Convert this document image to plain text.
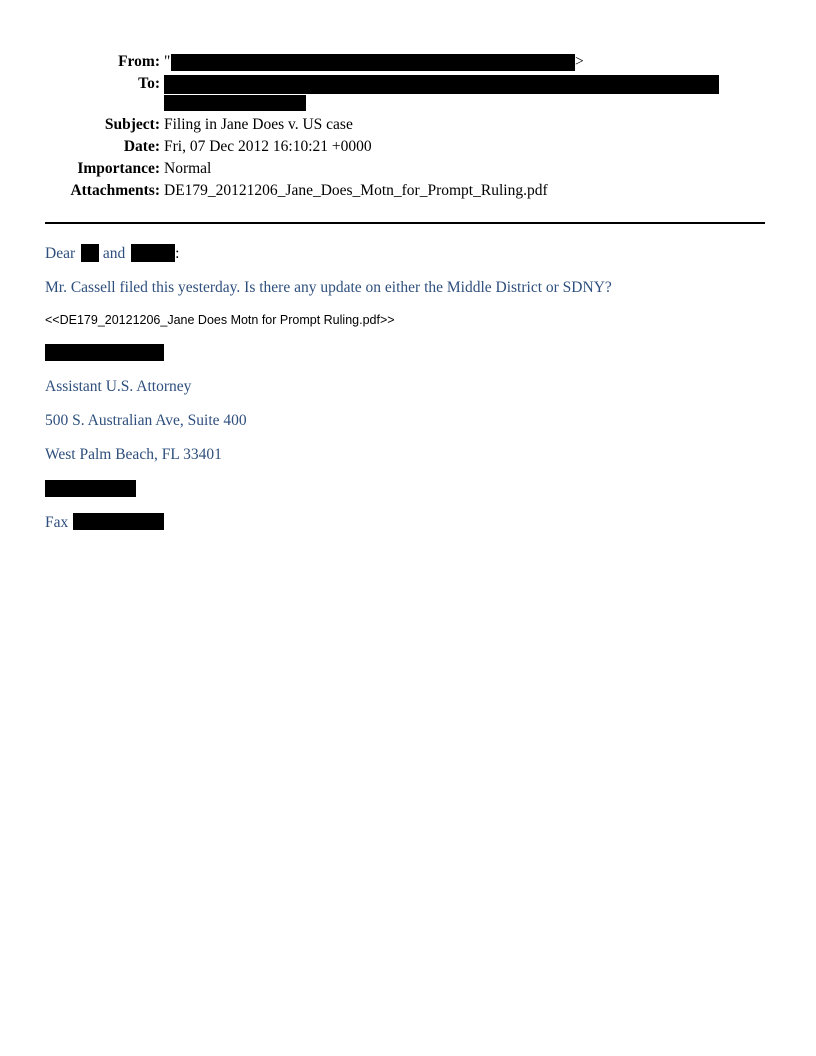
From: "	>
To:
Subject: Filing in Jane Does v. US case
Date: Fri, 07 Dec 2012 16:10:21 +0000
Importance: Normal
Attachments: DE179_20121206_Jane_Does_Motn_for_Prompt_Ruling.pdf
Dear and	:
Mr. Cassell filed this yesterday. Is there any update on either the Middle District or SDNY?
<<DE179_20121206_Jane Does Motn for Prompt Ruling.pdf>>
Assistant U.S. Attorney
500 S. Australian Ave, Suite 400
West Palm Beach, FL 33401
Fax
